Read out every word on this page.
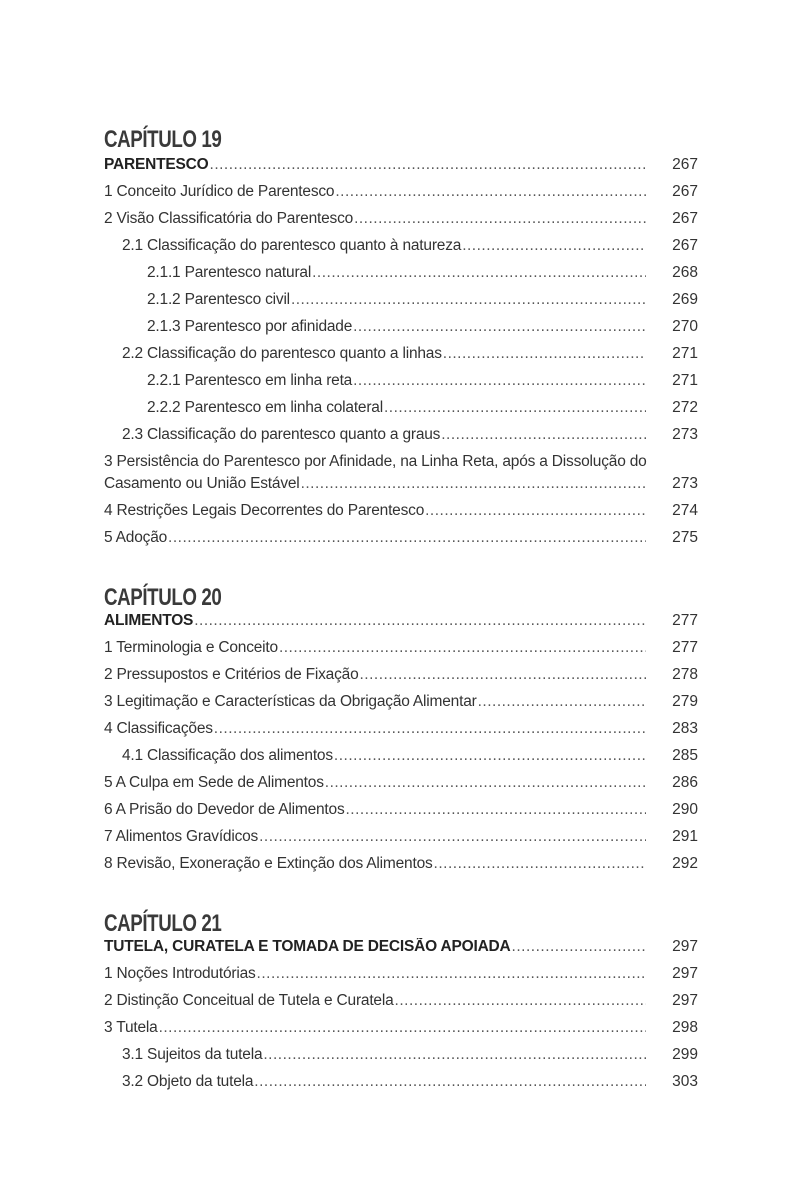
CAPÍTULO 19
PARENTESCO .....	267
1 Conceito Jurídico de Parentesco .....	267
2 Visão Classificatória do Parentesco .....	267
2.1 Classificação do parentesco quanto à natureza .....	267
2.1.1 Parentesco natural .....	268
2.1.2 Parentesco civil .....	269
2.1.3 Parentesco por afinidade .....	270
2.2 Classificação do parentesco quanto a linhas .....	271
2.2.1 Parentesco em linha reta .....	271
2.2.2 Parentesco em linha colateral .....	272
2.3 Classificação do parentesco quanto a graus .....	273
3 Persistência do Parentesco por Afinidade, na Linha Reta, após a Dissolução do
Casamento ou União Estável .....	273
4 Restrições Legais Decorrentes do Parentesco .....	274
5 Adoção .....	275
CAPÍTULO 20
ALIMENTOS .....	277
1 Terminologia e Conceito .....	277
2 Pressupostos e Critérios de Fixação .....	278
3 Legitimação e Características da Obrigação Alimentar .....	279
4 Classificações .....	283
4.1 Classificação dos alimentos .....	285
5 A Culpa em Sede de Alimentos .....	286
6 A Prisão do Devedor de Alimentos .....	290
7 Alimentos Gravídicos .....	291
8 Revisão, Exoneração e Extinção dos Alimentos .....	292
CAPÍTULO 21
TUTELA, CURATELA E TOMADA DE DECISÃO APOIADA .....	297
1 Noções Introdutórias .....	297
2 Distinção Conceitual de Tutela e Curatela .....	297
3 Tutela .....	298
3.1 Sujeitos da tutela .....	299
3.2 Objeto da tutela .....	303
